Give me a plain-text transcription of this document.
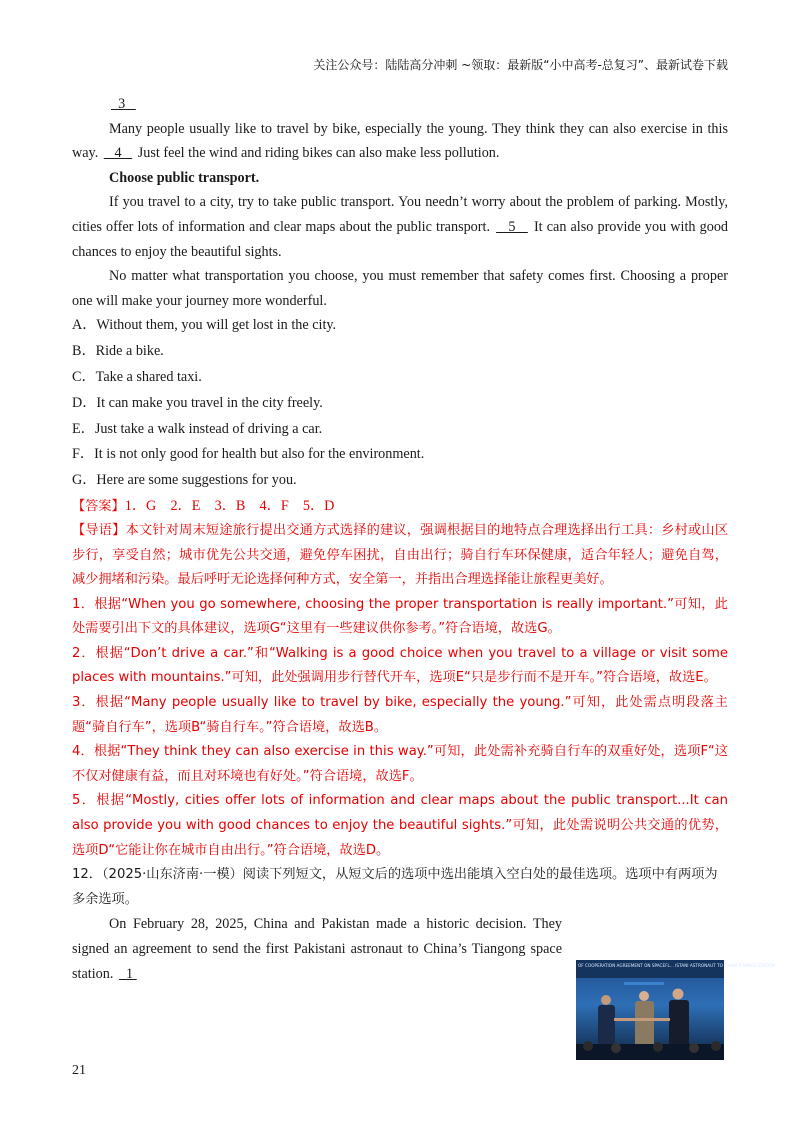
关注公众号：陆陆高分冲刺 ~领取：最新版“小中高考-总复习”、最新试卷下载

3

Many people usually like to travel by bike, especially the young. They think they can also exercise in this way.    4    Just feel the wind and riding bikes can also make less pollution.

Choose public transport.

If you travel to a city, try to take public transport. You needn’t worry about the problem of parking. Mostly, cities offer lots of information and clear maps about the public transport.    5    It can also provide you with good chances to enjoy the beautiful sights.

No matter what transportation you choose, you must remember that safety comes first. Choosing a proper one will make your journey more wonderful.

A．Without them, you will get lost in the city.

B．Ride a bike.

C．Take a shared taxi.

D．It can make you travel in the city freely.

E．Just take a walk instead of driving a car.

F．It is not only good for health but also for the environment.

G．Here are some suggestions for you.

【答案】1．G　2．E　3．B　4．F　5．D

【导语】本文针对周末短途旅行提出交通方式选择的建议，强调根据目的地特点合理选择出行工具：乡村或山区步行，享受自然；城市优先公共交通，避免停车困扰，自由出行；骑自行车环保健康，适合年轻人；避免自驾，减少拥堵和污染。最后呼吁无论选择何种方式，安全第一，并指出合理选择能让旅程更美好。

1．根据“When you go somewhere, choosing the proper transportation is really important.”可知，此处需要引出下文的具体建议，选项G“这里有一些建议供你参考。”符合语境，故选G。

2．根据“Don’t drive a car.”和“Walking is a good choice when you travel to a village or visit some places with mountains.”可知，此处强调用步行替代开车，选项E“只是步行而不是开车。”符合语境，故选E。

3．根据“Many people usually like to travel by bike, especially the young.”可知，此处需点明段落主题“骑自行车”，选项B“骑自行车。”符合语境，故选B。

4．根据“They think they can also exercise in this way.”可知，此处需补充骑自行车的双重好处，选项F“这不仅对健康有益，而且对环境也有好处。”符合语境，故选F。

5．根据“Mostly, cities offer lots of information and clear maps about the public transport...It can also provide you with good chances to enjoy the beautiful sights.”可知，此处需说明公共交通的优势，选项D“它能让你在城市自由出行。”符合语境，故选D。

12．（2025·山东济南·一模）阅读下列短文，从短文后的选项中选出能填入空白处的最佳选项。选项中有两项为多余选项。

On February 28, 2025, China and Pakistan made a historic decision. They signed an agreement to send the first Pakistani astronaut to China’s Tiangong space station.   1

OF COOPERATION AGREEMENT ON SPACEFL... ISTANI ASTRONAUT TO CHINA'S SPACE STATION
21
